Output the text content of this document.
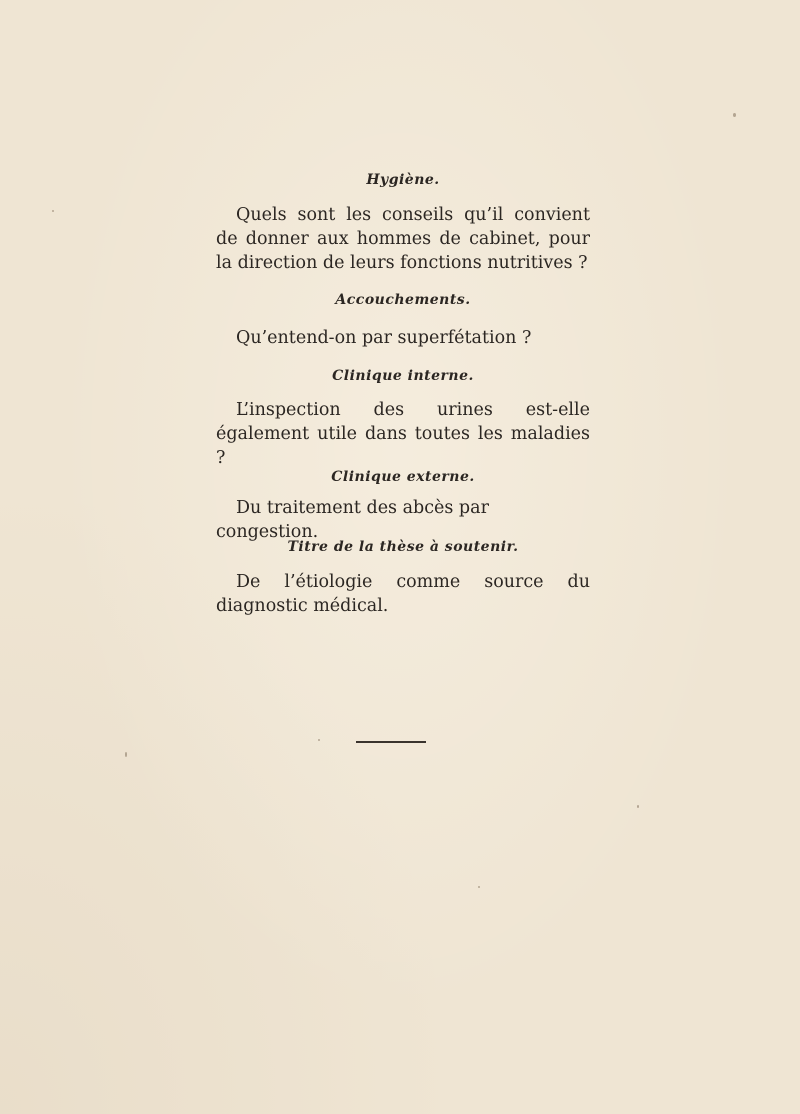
Hygiène.

Quels sont les conseils qu’il convient de donner aux hommes de cabinet, pour la direction de leurs fonctions nutritives ?

Accouchements.

Qu’entend-on par superfétation ?

Clinique interne.

L’inspection des urines est-elle également utile dans toutes les maladies ?

Clinique externe.

Du traitement des abcès par congestion.

Titre de la thèse à soutenir.

De l’étiologie comme source du diagnostic médical.
